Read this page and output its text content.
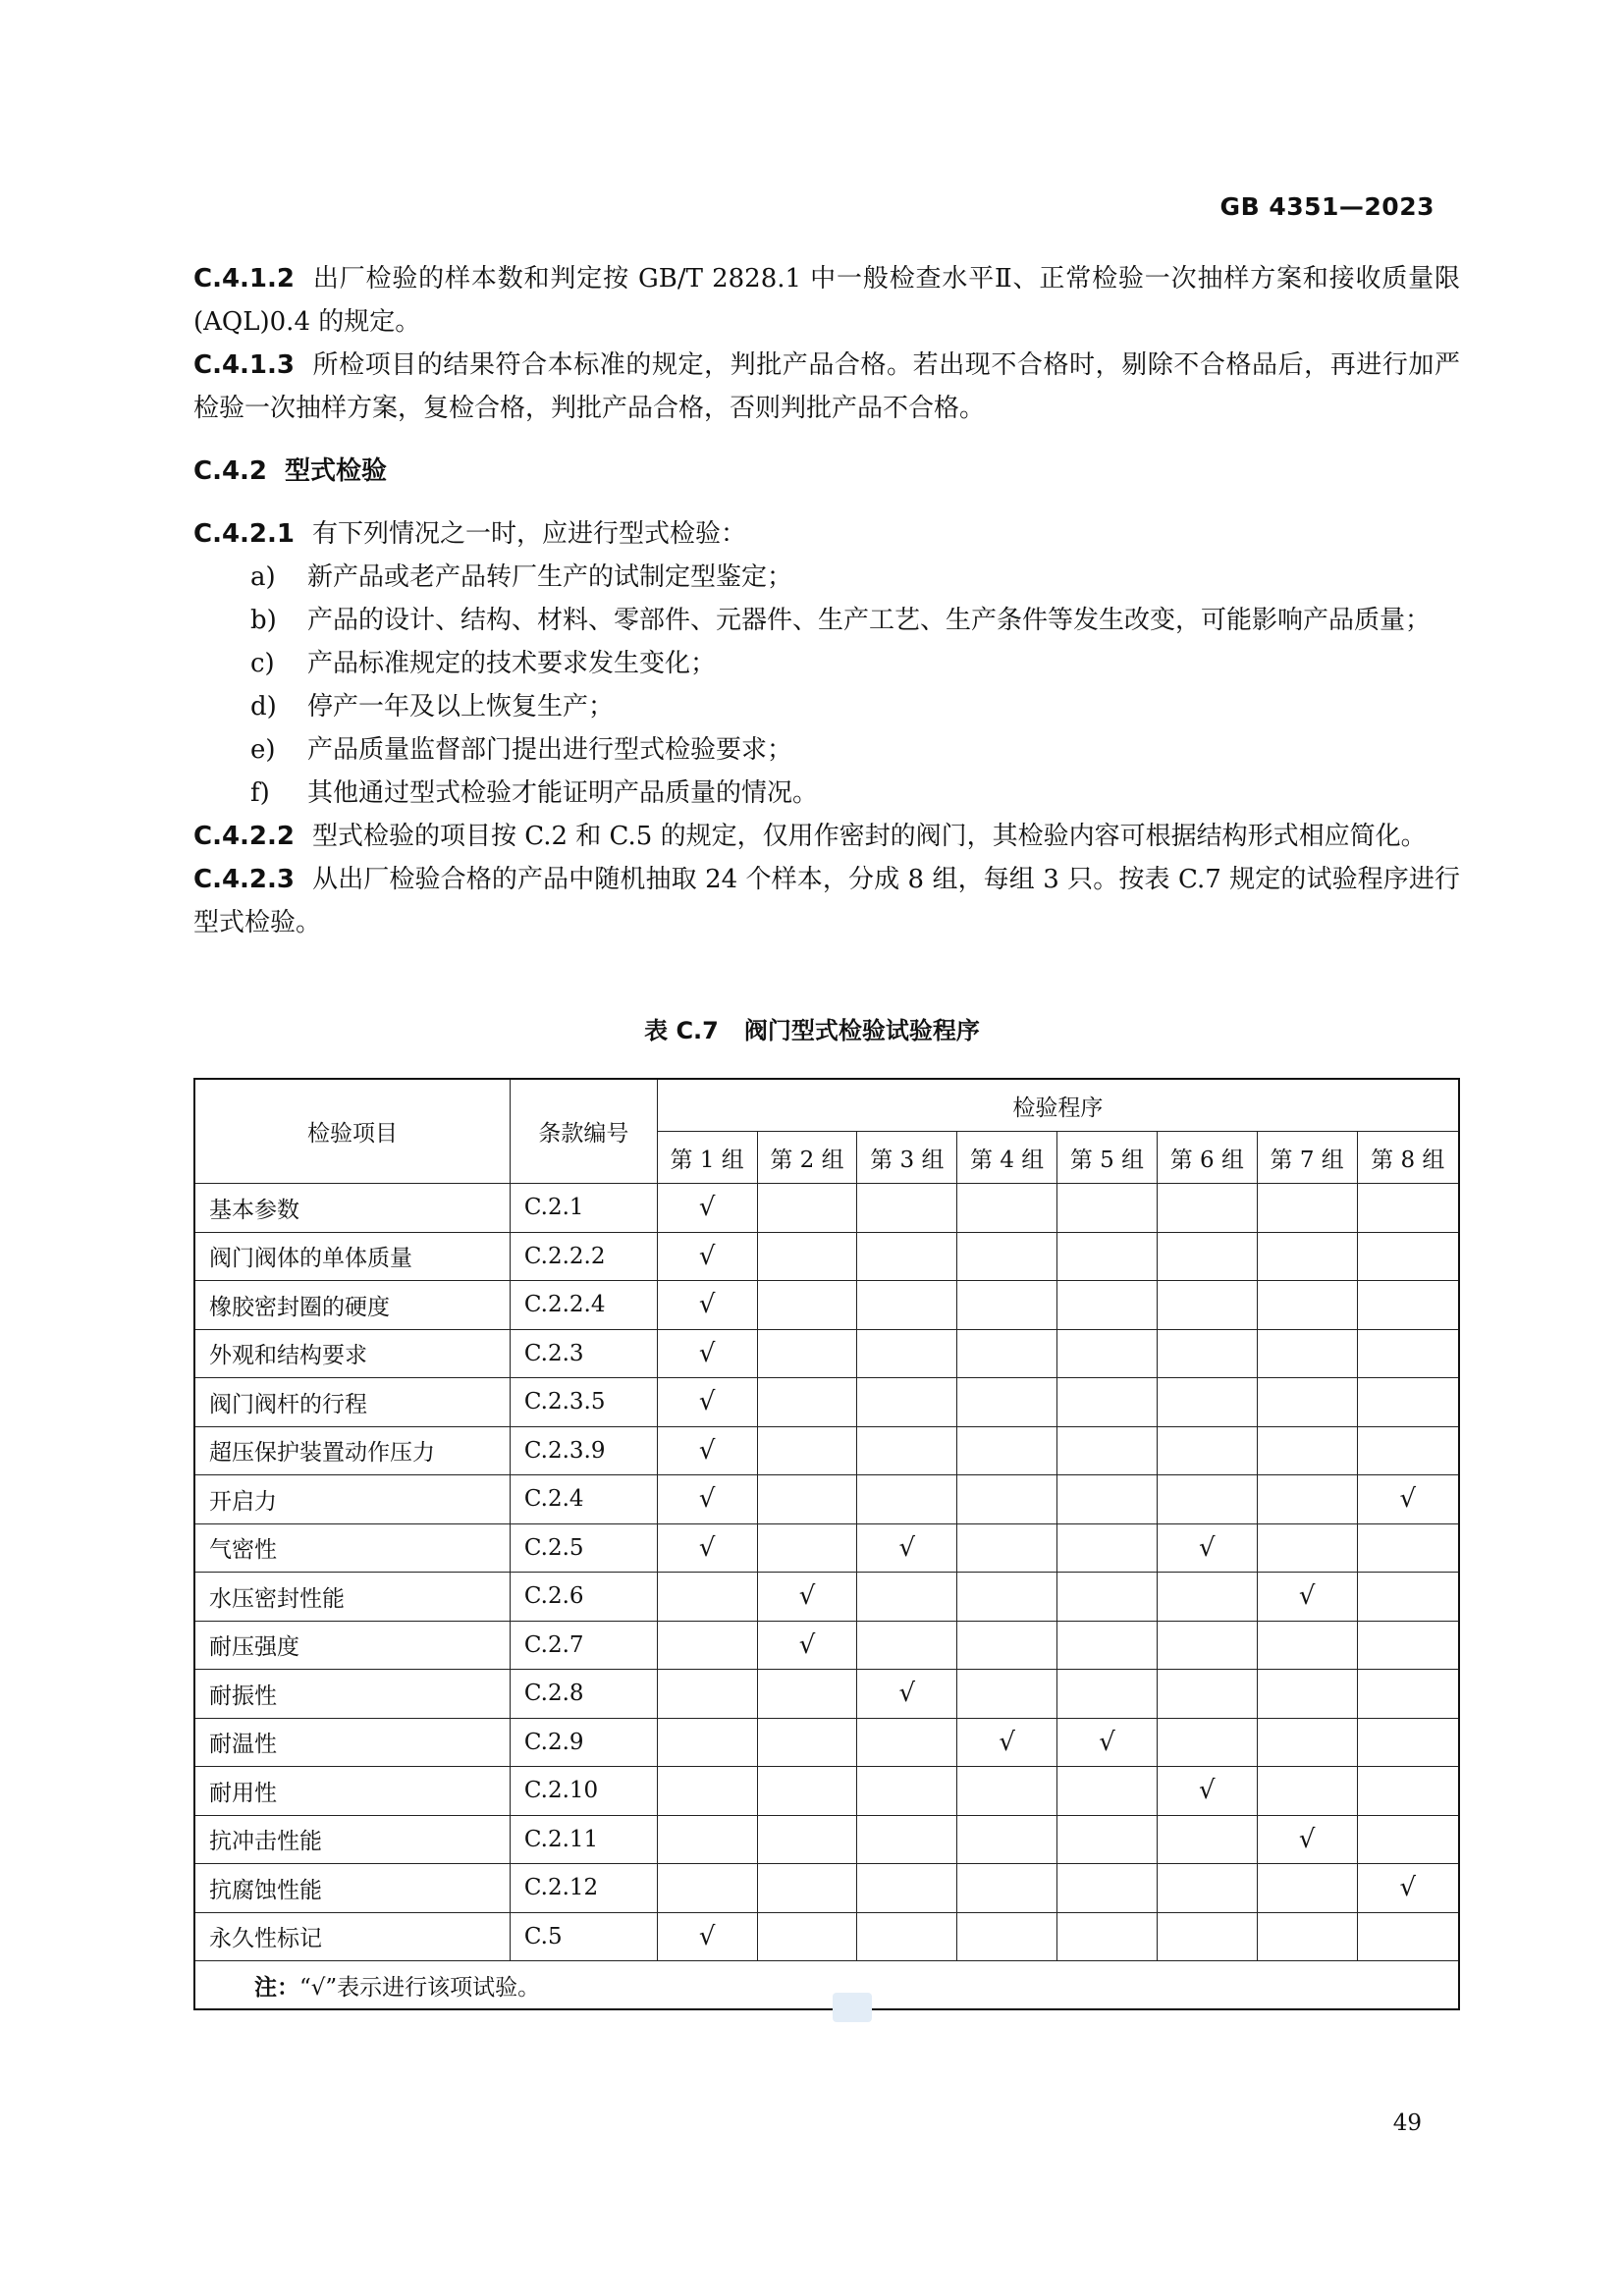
GB 4351—2023

C.4.1.2 出厂检验的样本数和判定按 GB/T 2828.1 中一般检查水平Ⅱ、正常检验一次抽样方案和接收质量限(AQL)0.4 的规定。

C.4.1.3 所检项目的结果符合本标准的规定，判批产品合格。若出现不合格时，剔除不合格品后，再进行加严检验一次抽样方案，复检合格，判批产品合格，否则判批产品不合格。

C.4.2 型式检验

C.4.2.1 有下列情况之一时，应进行型式检验：

a) 新产品或老产品转厂生产的试制定型鉴定；

b) 产品的设计、结构、材料、零部件、元器件、生产工艺、生产条件等发生改变，可能影响产品质量；

c) 产品标准规定的技术要求发生变化；

d) 停产一年及以上恢复生产；

e) 产品质量监督部门提出进行型式检验要求；

f) 其他通过型式检验才能证明产品质量的情况。

C.4.2.2 型式检验的项目按 C.2 和 C.5 的规定，仅用作密封的阀门，其检验内容可根据结构形式相应简化。

C.4.2.3 从出厂检验合格的产品中随机抽取 24 个样本，分成 8 组，每组 3 只。按表 C.7 规定的试验程序进行型式检验。

表 C.7 阀门型式检验试验程序
检验项目	条款编号	检验程序							
		第 1 组	第 2 组	第 3 组	第 4 组	第 5 组	第 6 组	第 7 组	第 8 组
基本参数	C.2.1	√							
阀门阀体的单体质量	C.2.2.2	√							
橡胶密封圈的硬度	C.2.2.4	√							
外观和结构要求	C.2.3	√							
阀门阀杆的行程	C.2.3.5	√							
超压保护装置动作压力	C.2.3.9	√							
开启力	C.2.4	√							√
气密性	C.2.5	√		√			√		
水压密封性能	C.2.6		√					√	
耐压强度	C.2.7		√						
耐振性	C.2.8			√					
耐温性	C.2.9				√	√			
耐用性	C.2.10						√		
抗冲击性能	C.2.11							√	
抗腐蚀性能	C.2.12								√
永久性标记	C.5	√							
注：“√”表示进行该项试验。									
49
